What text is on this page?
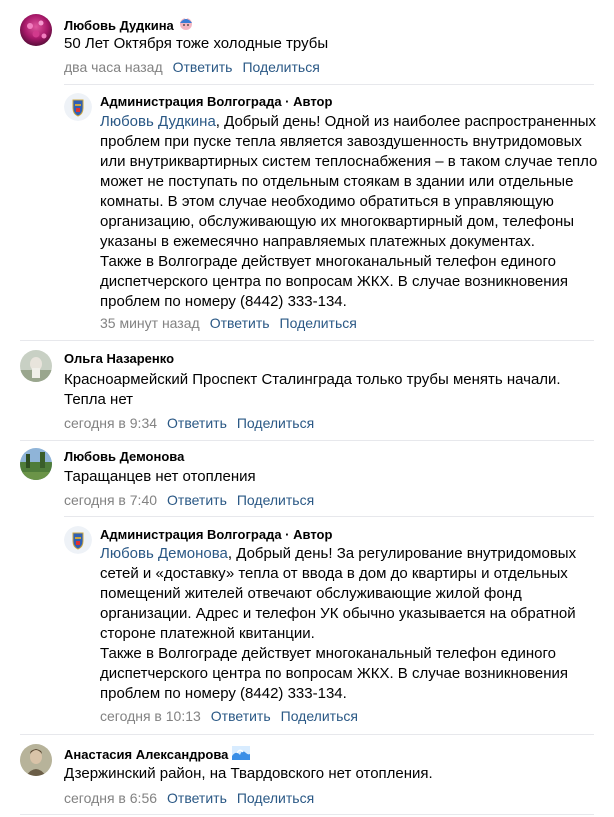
Любовь Дудкина
50 Лет Октября тоже холодные трубы
два часа назад Ответить Поделиться
Администрация Волгограда · Автор
Любовь Дудкина, Добрый день! Одной из наиболее распространенных
проблем при пуске тепла является завоздушенность внутридомовых
или внутриквартирных систем теплоснабжения – в таком случае тепло
может не поступать по отдельным стоякам в здании или отдельные
комнаты. В этом случае необходимо обратиться в управляющую
организацию, обслуживающую их многоквартирный дом, телефоны
указаны в ежемесячно направляемых платежных документах.
Также в Волгограде действует многоканальный телефон единого
диспетчерского центра по вопросам ЖКХ. В случае возникновения
проблем по номеру (8442) 333-134.
35 минут назад Ответить Поделиться
Ольга Назаренко
Красноармейский Проспект Сталинграда только трубы менять начали.
Тепла нет
сегодня в 9:34 Ответить Поделиться
Любовь Демонова
Таращанцев нет отопления
сегодня в 7:40 Ответить Поделиться
Администрация Волгограда · Автор
Любовь Демонова, Добрый день! За регулирование внутридомовых
сетей и «доставку» тепла от ввода в дом до квартиры и отдельных
помещений жителей отвечают обслуживающие жилой фонд
организации. Адрес и телефон УК обычно указывается на обратной
стороне платежной квитанции.
Также в Волгограде действует многоканальный телефон единого
диспетчерского центра по вопросам ЖКХ. В случае возникновения
проблем по номеру (8442) 333-134.
сегодня в 10:13 Ответить Поделиться
Анастасия Александрова
Дзержинский район, на Твардовского нет отопления.
сегодня в 6:56 Ответить Поделиться
